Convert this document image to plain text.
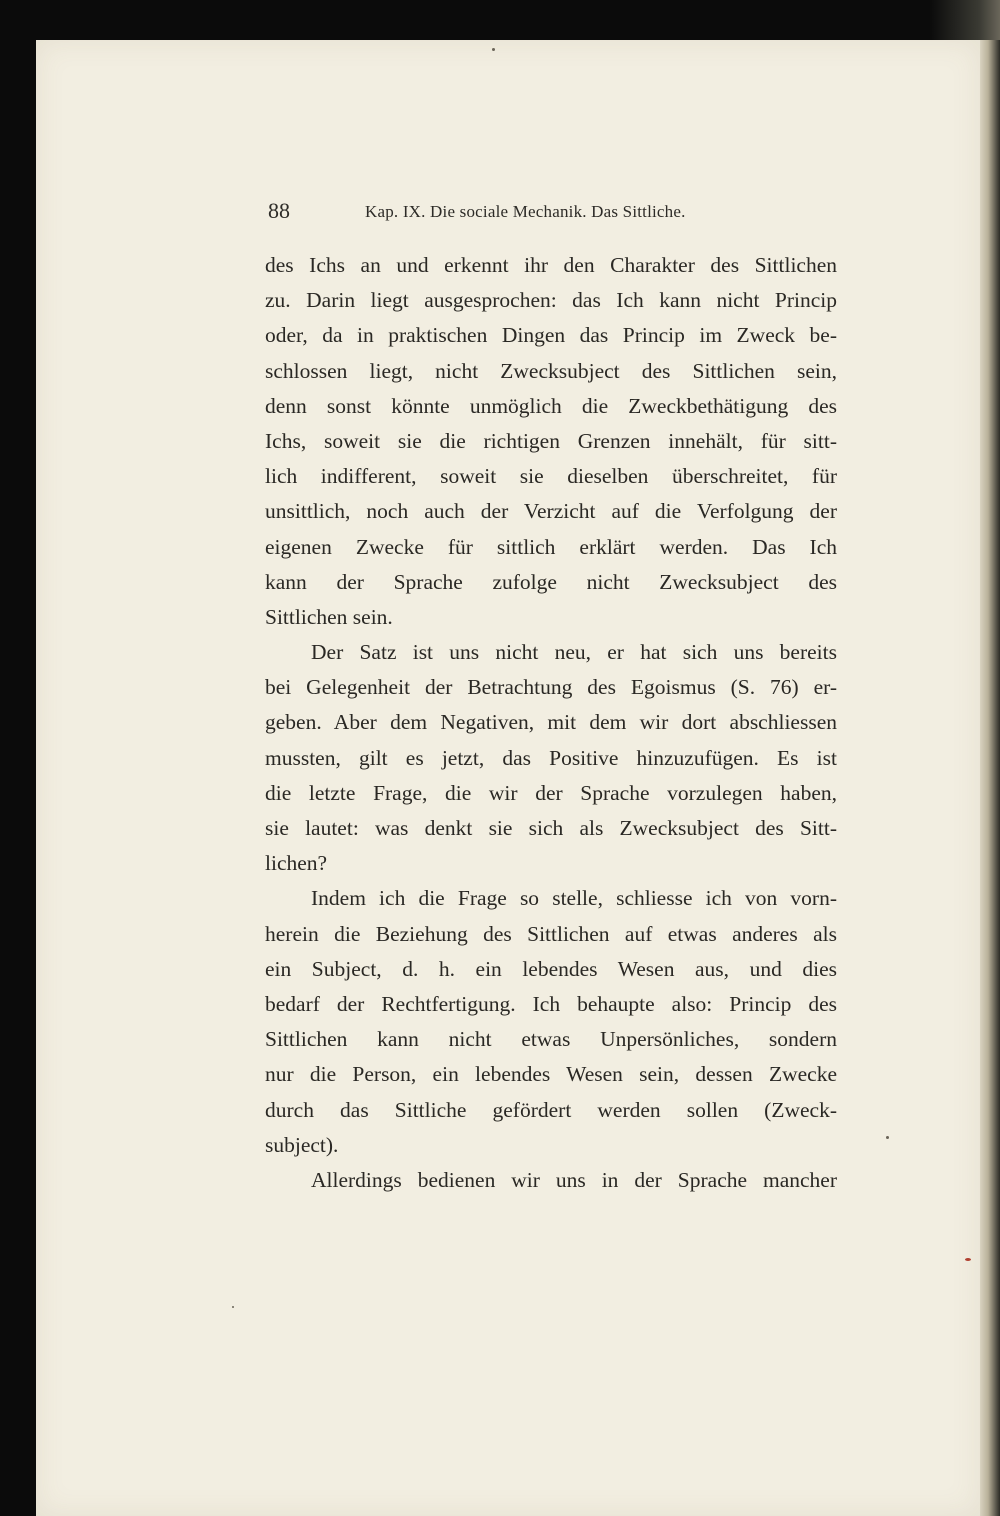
88	Kap. IX. Die sociale Mechanik. Das Sittliche.
des Ichs an und erkennt ihr den Charakter des Sittlichen
zu. Darin liegt ausgesprochen: das Ich kann nicht Princip
oder, da in praktischen Dingen das Princip im Zweck be-
schlossen liegt, nicht Zwecksubject des Sittlichen sein,
denn sonst könnte unmöglich die Zweckbethätigung des
Ichs, soweit sie die richtigen Grenzen innehält, für sitt-
lich indifferent, soweit sie dieselben überschreitet, für
unsittlich, noch auch der Verzicht auf die Verfolgung der
eigenen Zwecke für sittlich erklärt werden. Das Ich
kann der Sprache zufolge nicht Zwecksubject des
Sittlichen sein.
Der Satz ist uns nicht neu, er hat sich uns bereits
bei Gelegenheit der Betrachtung des Egoismus (S. 76) er-
geben. Aber dem Negativen, mit dem wir dort abschliessen
mussten, gilt es jetzt, das Positive hinzuzufügen. Es ist
die letzte Frage, die wir der Sprache vorzulegen haben,
sie lautet: was denkt sie sich als Zwecksubject des Sitt-
lichen?
Indem ich die Frage so stelle, schliesse ich von vorn-
herein die Beziehung des Sittlichen auf etwas anderes als
ein Subject, d. h. ein lebendes Wesen aus, und dies
bedarf der Rechtfertigung. Ich behaupte also: Princip des
Sittlichen kann nicht etwas Unpersönliches, sondern
nur die Person, ein lebendes Wesen sein, dessen Zwecke
durch das Sittliche gefördert werden sollen (Zweck-
subject).
Allerdings bedienen wir uns in der Sprache mancher
